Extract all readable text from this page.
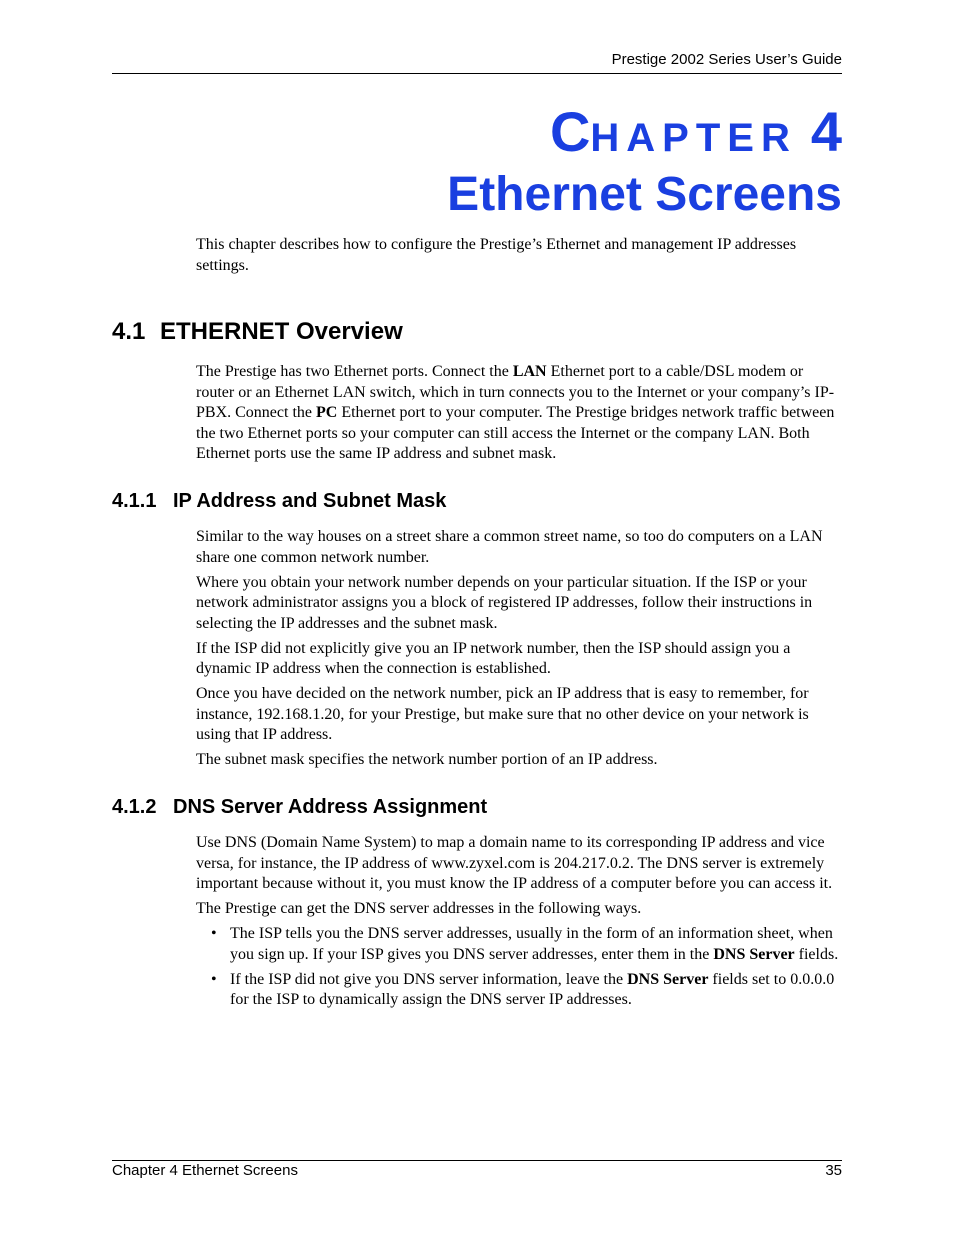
Prestige 2002 Series User’s Guide
CHAPTER 4
Ethernet Screens

This chapter describes how to configure the Prestige’s Ethernet and management IP addresses settings.

4.1 ETHERNET Overview

The Prestige has two Ethernet ports. Connect the LAN Ethernet port to a cable/DSL modem or router or an Ethernet LAN switch, which in turn connects you to the Internet or your company’s IP-PBX. Connect the PC Ethernet port to your computer. The Prestige bridges network traffic between the two Ethernet ports so your computer can still access the Internet or the company LAN. Both Ethernet ports use the same IP address and subnet mask.

4.1.1 IP Address and Subnet Mask

Similar to the way houses on a street share a common street name, so too do computers on a LAN share one common network number.

Where you obtain your network number depends on your particular situation. If the ISP or your network administrator assigns you a block of registered IP addresses, follow their instructions in selecting the IP addresses and the subnet mask.

If the ISP did not explicitly give you an IP network number, then the ISP should assign you a dynamic IP address when the connection is established.

Once you have decided on the network number, pick an IP address that is easy to remember, for instance, 192.168.1.20, for your Prestige, but make sure that no other device on your network is using that IP address.

The subnet mask specifies the network number portion of an IP address.

4.1.2 DNS Server Address Assignment

Use DNS (Domain Name System) to map a domain name to its corresponding IP address and vice versa, for instance, the IP address of www.zyxel.com is 204.217.0.2. The DNS server is extremely important because without it, you must know the IP address of a computer before you can access it.

The Prestige can get the DNS server addresses in the following ways.

• The ISP tells you the DNS server addresses, usually in the form of an information sheet, when you sign up. If your ISP gives you DNS server addresses, enter them in the DNS Server fields.
• If the ISP did not give you DNS server information, leave the DNS Server fields set to 0.0.0.0 for the ISP to dynamically assign the DNS server IP addresses.
Chapter 4 Ethernet Screens	35
